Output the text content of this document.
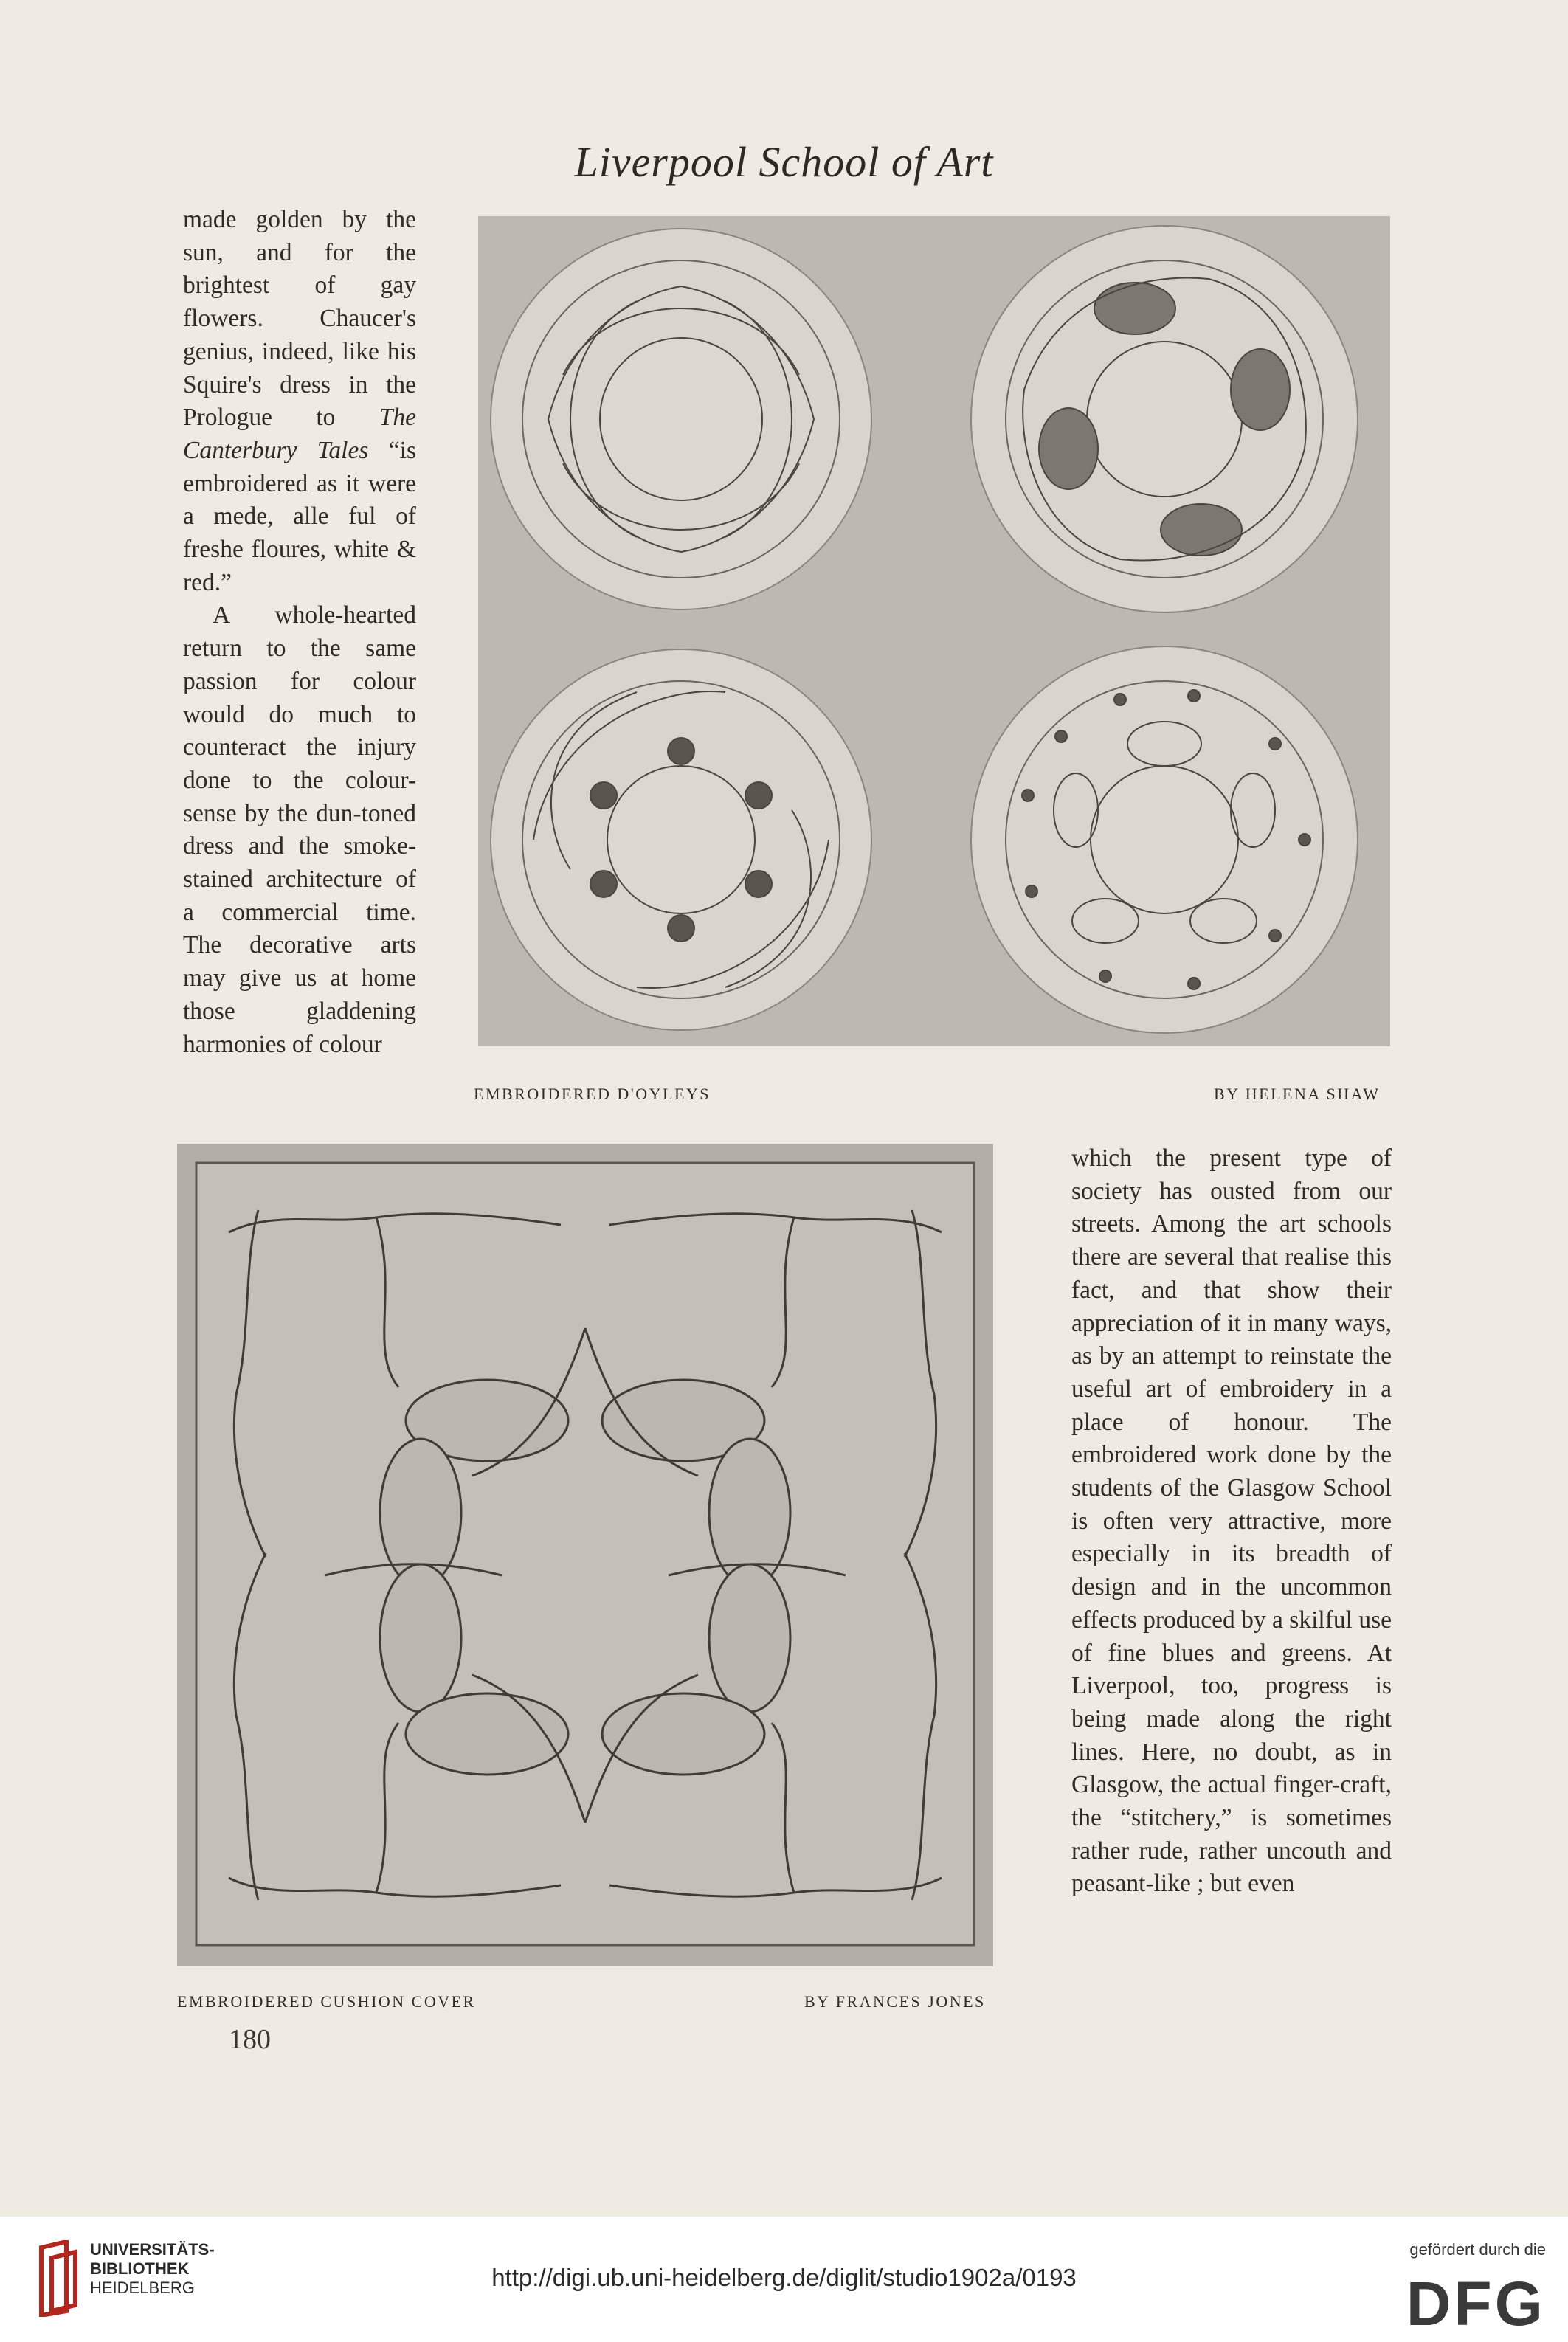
Liverpool School of Art

made golden by the sun, and for the brightest of gay flowers. Chaucer's genius, indeed, like his Squire's dress in the Prologue to The Canterbury Tales “is embroidered as it were a mede, alle ful of freshe floures, white & red.”

A whole-hearted return to the same passion for colour would do much to counteract the injury done to the colour-sense by the dun-toned dress and the smoke-stained architecture of a commercial time. The decorative arts may give us at home those gladdening harmonies of colour

EMBROIDERED D'OYLEYS	BY HELENA SHAW
EMBROIDERED CUSHION COVER	BY FRANCES JONES

which the present type of society has ousted from our streets. Among the art schools there are several that realise this fact, and that show their appreciation of it in many ways, as by an attempt to reinstate the useful art of embroidery in a place of honour. The embroidered work done by the students of the Glasgow School is often very attractive, more especially in its breadth of design and in the uncommon effects produced by a skilful use of fine blues and greens. At Liverpool, too, progress is being made along the right lines. Here, no doubt, as in Glasgow, the actual finger-craft, the “stitchery,” is sometimes rather rude, rather uncouth and peasant-like ; but even

180
UNIVERSITÄTS-
BIBLIOTHEK
HEIDELBERG	http://digi.ub.uni-heidelberg.de/diglit/studio1902a/0193
gefördert durch die
DFG
